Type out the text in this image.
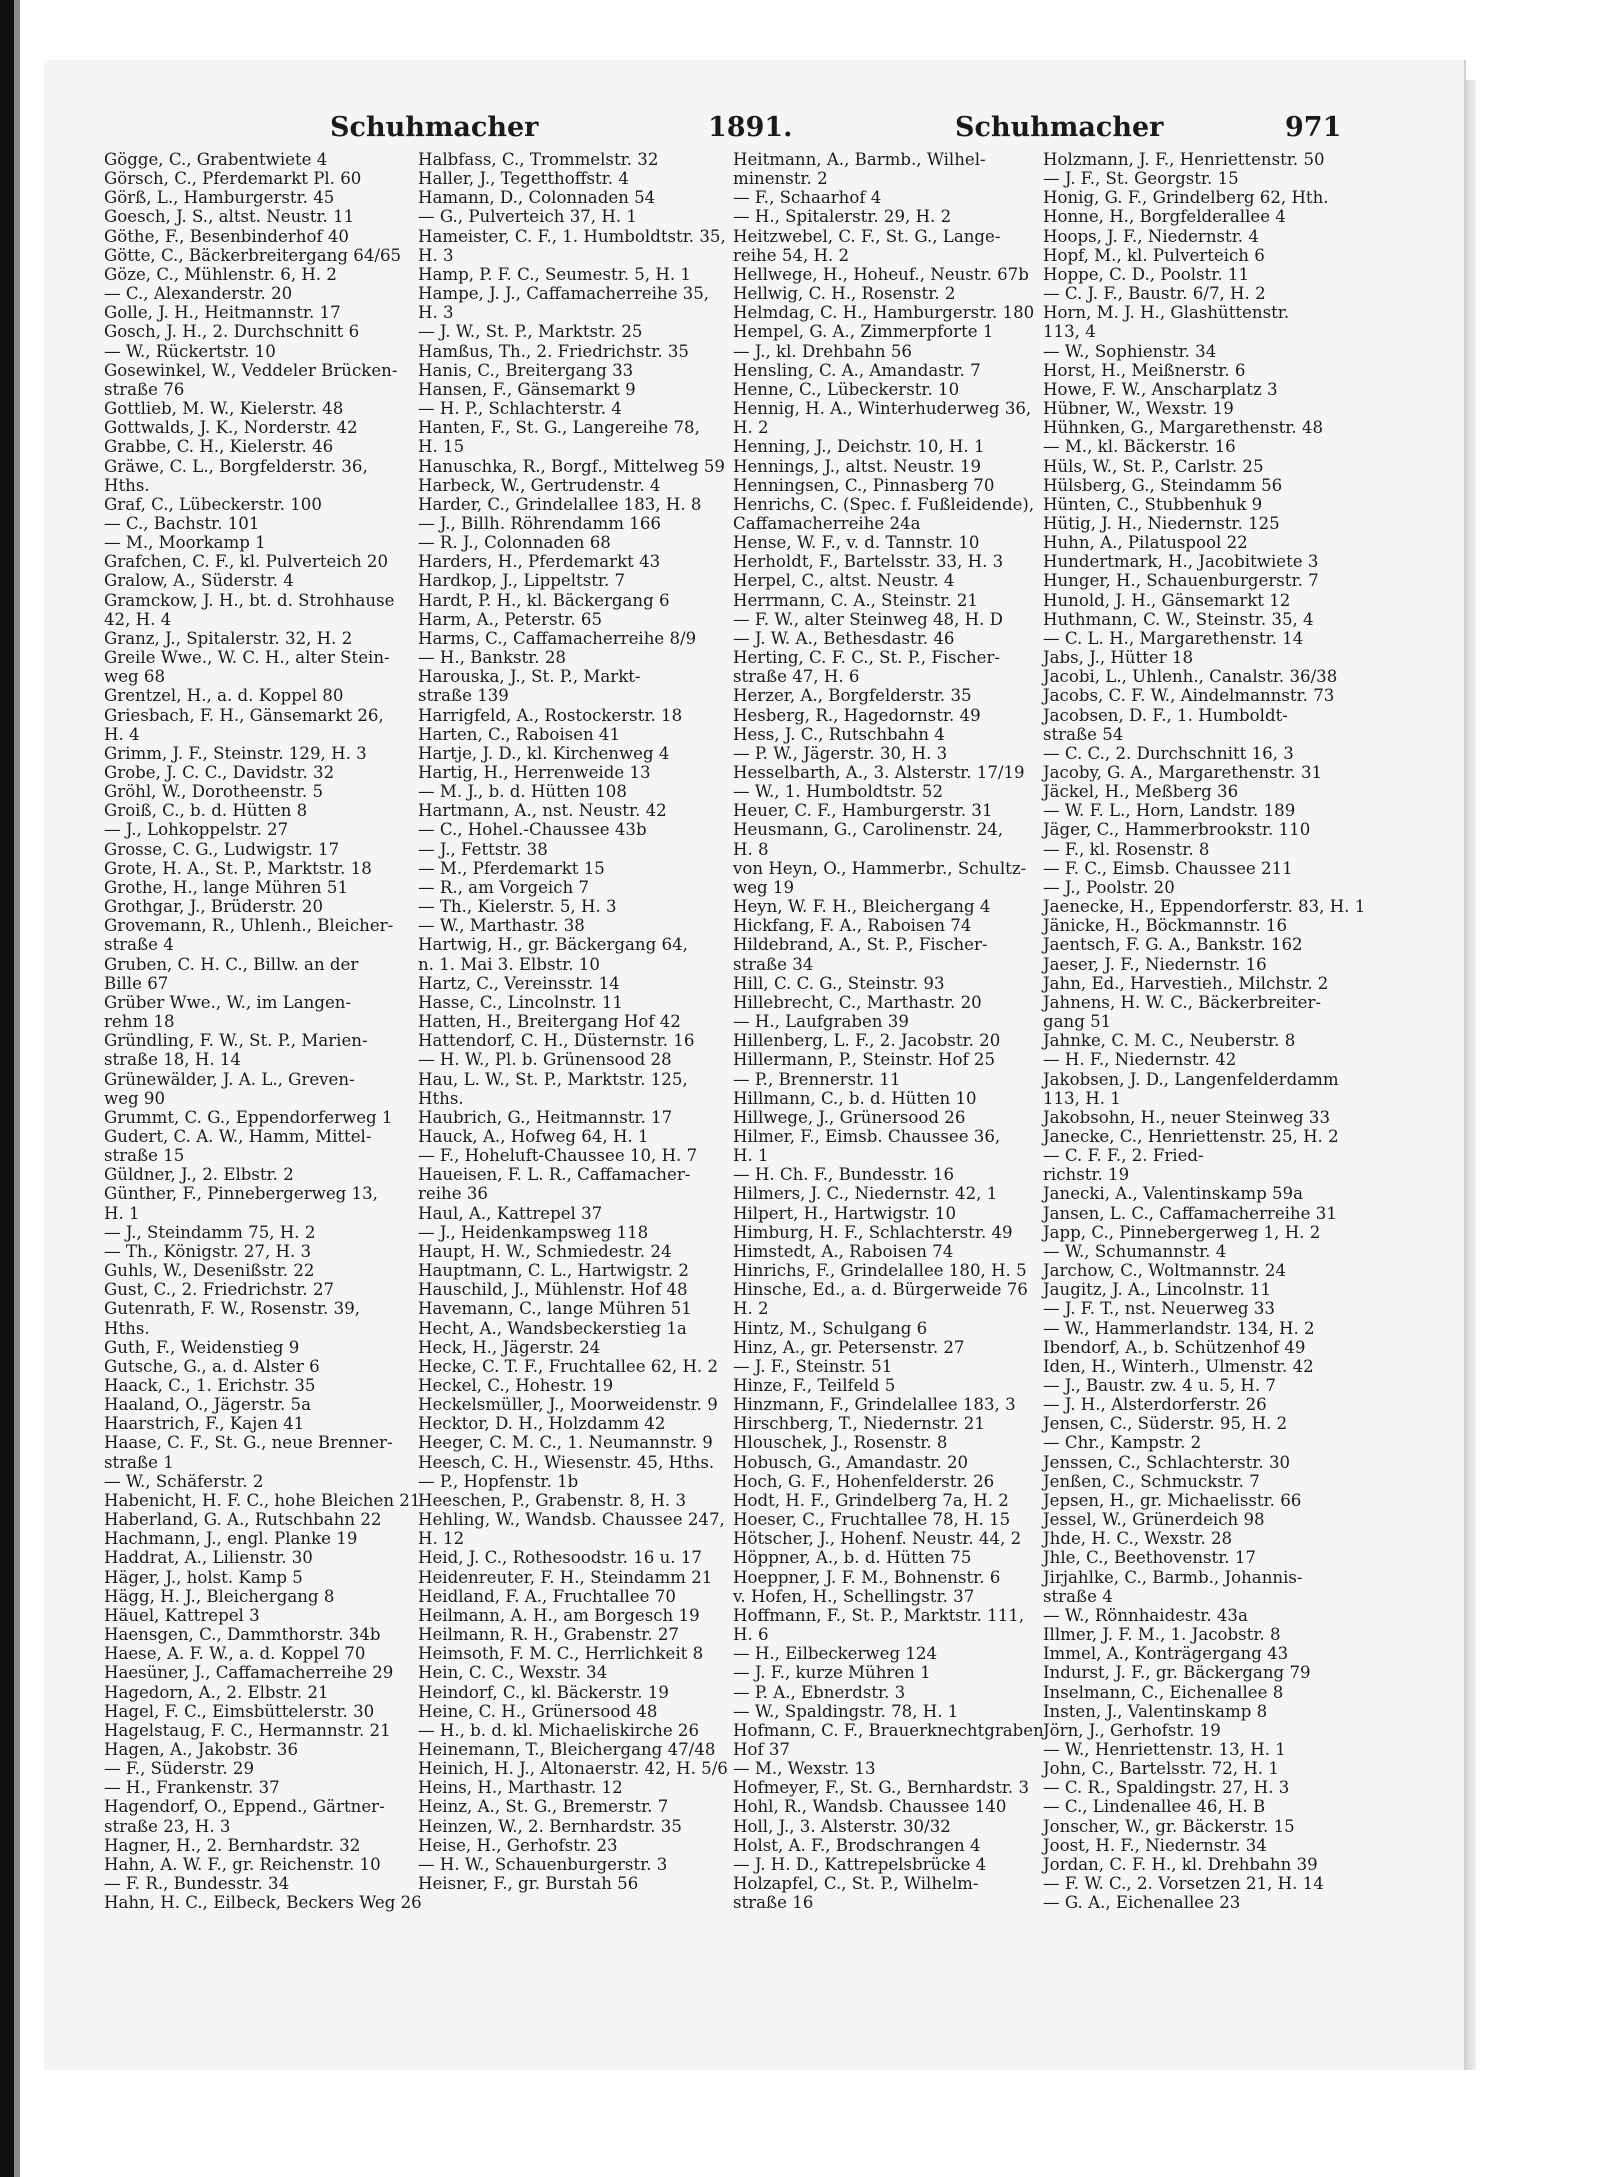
Schuhmacher	1891.	Schuhmacher	971
Gögge, C., Grabentwiete 4
Görsch, C., Pferdemarkt Pl. 60
Görß, L., Hamburgerstr. 45
Goesch, J. S., altst. Neustr. 11
Göthe, F., Besenbinderhof 40
Götte, C., Bäckerbreitergang 64/65
Göze, C., Mühlenstr. 6, H. 2
— C., Alexanderstr. 20
Golle, J. H., Heitmannstr. 17
Gosch, J. H., 2. Durchschnitt 6
— W., Rückertstr. 10
Gosewinkel, W., Veddeler Brücken-
straße 76
Gottlieb, M. W., Kielerstr. 48
Gottwalds, J. K., Norderstr. 42
Grabbe, C. H., Kielerstr. 46
Gräwe, C. L., Borgfelderstr. 36,
Hths.
Graf, C., Lübeckerstr. 100
— C., Bachstr. 101
— M., Moorkamp 1
Grafchen, C. F., kl. Pulverteich 20
Gralow, A., Süderstr. 4
Gramckow, J. H., bt. d. Strohhause
42, H. 4
Granz, J., Spitalerstr. 32, H. 2
Greile Wwe., W. C. H., alter Stein-
weg 68
Grentzel, H., a. d. Koppel 80
Griesbach, F. H., Gänsemarkt 26,
H. 4
Grimm, J. F., Steinstr. 129, H. 3
Grobe, J. C. C., Davidstr. 32
Gröhl, W., Dorotheenstr. 5
Groiß, C., b. d. Hütten 8
— J., Lohkoppelstr. 27
Grosse, C. G., Ludwigstr. 17
Grote, H. A., St. P., Marktstr. 18
Grothe, H., lange Mühren 51
Grothgar, J., Brüderstr. 20
Grovemann, R., Uhlenh., Bleicher-
straße 4
Gruben, C. H. C., Billw. an der
Bille 67
Grüber Wwe., W., im Langen-
rehm 18
Gründling, F. W., St. P., Marien-
straße 18, H. 14
Grünewälder, J. A. L., Greven-
weg 90
Grummt, C. G., Eppendorferweg 1
Gudert, C. A. W., Hamm, Mittel-
straße 15
Güldner, J., 2. Elbstr. 2
Günther, F., Pinnebergerweg 13,
H. 1
— J., Steindamm 75, H. 2
— Th., Königstr. 27, H. 3
Guhls, W., Desenißstr. 22
Gust, C., 2. Friedrichstr. 27
Gutenrath, F. W., Rosenstr. 39,
Hths.
Guth, F., Weidenstieg 9
Gutsche, G., a. d. Alster 6
Haack, C., 1. Erichstr. 35
Haaland, O., Jägerstr. 5a
Haarstrich, F., Kajen 41
Haase, C. F., St. G., neue Brenner-
straße 1
— W., Schäferstr. 2
Habenicht, H. F. C., hohe Bleichen 21
Haberland, G. A., Rutschbahn 22
Hachmann, J., engl. Planke 19
Haddrat, A., Lilienstr. 30
Häger, J., holst. Kamp 5
Hägg, H. J., Bleichergang 8
Häuel, Kattrepel 3
Haensgen, C., Dammthorstr. 34b
Haese, A. F. W., a. d. Koppel 70
Haesüner, J., Caffamacherreihe 29
Hagedorn, A., 2. Elbstr. 21
Hagel, F. C., Eimsbüttelerstr. 30
Hagelstaug, F. C., Hermannstr. 21
Hagen, A., Jakobstr. 36
— F., Süderstr. 29
— H., Frankenstr. 37
Hagendorf, O., Eppend., Gärtner-
straße 23, H. 3
Hagner, H., 2. Bernhardstr. 32
Hahn, A. W. F., gr. Reichenstr. 10
— F. R., Bundesstr. 34
Hahn, H. C., Eilbeck, Beckers Weg 26
Halbfass, C., Trommelstr. 32
Haller, J., Tegetthoffstr. 4
Hamann, D., Colonnaden 54
— G., Pulverteich 37, H. 1
Hameister, C. F., 1. Humboldtstr. 35,
H. 3
Hamp, P. F. C., Seumestr. 5, H. 1
Hampe, J. J., Caffamacherreihe 35,
H. 3
— J. W., St. P., Marktstr. 25
Hamßus, Th., 2. Friedrichstr. 35
Hanis, C., Breitergang 33
Hansen, F., Gänsemarkt 9
— H. P., Schlachterstr. 4
Hanten, F., St. G., Langereihe 78,
H. 15
Hanuschka, R., Borgf., Mittelweg 59
Harbeck, W., Gertrudenstr. 4
Harder, C., Grindelallee 183, H. 8
— J., Billh. Röhrendamm 166
— R. J., Colonnaden 68
Harders, H., Pferdemarkt 43
Hardkop, J., Lippeltstr. 7
Hardt, P. H., kl. Bäckergang 6
Harm, A., Peterstr. 65
Harms, C., Caffamacherreihe 8/9
— H., Bankstr. 28
Harouska, J., St. P., Markt-
straße 139
Harrigfeld, A., Rostockerstr. 18
Harten, C., Raboisen 41
Hartje, J. D., kl. Kirchenweg 4
Hartig, H., Herrenweide 13
— M. J., b. d. Hütten 108
Hartmann, A., nst. Neustr. 42
— C., Hohel.-Chaussee 43b
— J., Fettstr. 38
— M., Pferdemarkt 15
— R., am Vorgeich 7
— Th., Kielerstr. 5, H. 3
— W., Marthastr. 38
Hartwig, H., gr. Bäckergang 64,
n. 1. Mai 3. Elbstr. 10
Hartz, C., Vereinsstr. 14
Hasse, C., Lincolnstr. 11
Hatten, H., Breitergang Hof 42
Hattendorf, C. H., Düsternstr. 16
— H. W., Pl. b. Grünensood 28
Hau, L. W., St. P., Marktstr. 125,
Hths.
Haubrich, G., Heitmannstr. 17
Hauck, A., Hofweg 64, H. 1
— F., Hoheluft-Chaussee 10, H. 7
Haueisen, F. L. R., Caffamacher-
reihe 36
Haul, A., Kattrepel 37
— J., Heidenkampsweg 118
Haupt, H. W., Schmiedestr. 24
Hauptmann, C. L., Hartwigstr. 2
Hauschild, J., Mühlenstr. Hof 48
Havemann, C., lange Mühren 51
Hecht, A., Wandsbeckerstieg 1a
Heck, H., Jägerstr. 24
Hecke, C. T. F., Fruchtallee 62, H. 2
Heckel, C., Hohestr. 19
Heckelsmüller, J., Moorweidenstr. 9
Hecktor, D. H., Holzdamm 42
Heeger, C. M. C., 1. Neumannstr. 9
Heesch, C. H., Wiesenstr. 45, Hths.
— P., Hopfenstr. 1b
Heeschen, P., Grabenstr. 8, H. 3
Hehling, W., Wandsb. Chaussee 247,
H. 12
Heid, J. C., Rothesoodstr. 16 u. 17
Heidenreuter, F. H., Steindamm 21
Heidland, F. A., Fruchtallee 70
Heilmann, A. H., am Borgesch 19
Heilmann, R. H., Grabenstr. 27
Heimsoth, F. M. C., Herrlichkeit 8
Hein, C. C., Wexstr. 34
Heindorf, C., kl. Bäckerstr. 19
Heine, C. H., Grünersood 48
— H., b. d. kl. Michaeliskirche 26
Heinemann, T., Bleichergang 47/48
Heinich, H. J., Altonaerstr. 42, H. 5/6
Heins, H., Marthastr. 12
Heinz, A., St. G., Bremerstr. 7
Heinzen, W., 2. Bernhardstr. 35
Heise, H., Gerhofstr. 23
— H. W., Schauenburgerstr. 3
Heisner, F., gr. Burstah 56
Heitmann, A., Barmb., Wilhel-
minenstr. 2
— F., Schaarhof 4
— H., Spitalerstr. 29, H. 2
Heitzwebel, C. F., St. G., Lange-
reihe 54, H. 2
Hellwege, H., Hoheuf., Neustr. 67b
Hellwig, C. H., Rosenstr. 2
Helmdag, C. H., Hamburgerstr. 180
Hempel, G. A., Zimmerpforte 1
— J., kl. Drehbahn 56
Hensling, C. A., Amandastr. 7
Henne, C., Lübeckerstr. 10
Hennig, H. A., Winterhuderweg 36,
H. 2
Henning, J., Deichstr. 10, H. 1
Hennings, J., altst. Neustr. 19
Henningsen, C., Pinnasberg 70
Henrichs, C. (Spec. f. Fußleidende),
Caffamacherreihe 24a
Hense, W. F., v. d. Tannstr. 10
Herholdt, F., Bartelsstr. 33, H. 3
Herpel, C., altst. Neustr. 4
Herrmann, C. A., Steinstr. 21
— F. W., alter Steinweg 48, H. D
— J. W. A., Bethesdastr. 46
Herting, C. F. C., St. P., Fischer-
straße 47, H. 6
Herzer, A., Borgfelderstr. 35
Hesberg, R., Hagedornstr. 49
Hess, J. C., Rutschbahn 4
— P. W., Jägerstr. 30, H. 3
Hesselbarth, A., 3. Alsterstr. 17/19
— W., 1. Humboldtstr. 52
Heuer, C. F., Hamburgerstr. 31
Heusmann, G., Carolinenstr. 24,
H. 8
von Heyn, O., Hammerbr., Schultz-
weg 19
Heyn, W. F. H., Bleichergang 4
Hickfang, F. A., Raboisen 74
Hildebrand, A., St. P., Fischer-
straße 34
Hill, C. C. G., Steinstr. 93
Hillebrecht, C., Marthastr. 20
— H., Laufgraben 39
Hillenberg, L. F., 2. Jacobstr. 20
Hillermann, P., Steinstr. Hof 25
— P., Brennerstr. 11
Hillmann, C., b. d. Hütten 10
Hillwege, J., Grünersood 26
Hilmer, F., Eimsb. Chaussee 36,
H. 1
— H. Ch. F., Bundesstr. 16
Hilmers, J. C., Niedernstr. 42, 1
Hilpert, H., Hartwigstr. 10
Himburg, H. F., Schlachterstr. 49
Himstedt, A., Raboisen 74
Hinrichs, F., Grindelallee 180, H. 5
Hinsche, Ed., a. d. Bürgerweide 76
H. 2
Hintz, M., Schulgang 6
Hinz, A., gr. Petersenstr. 27
— J. F., Steinstr. 51
Hinze, F., Teilfeld 5
Hinzmann, F., Grindelallee 183, 3
Hirschberg, T., Niedernstr. 21
Hlouschek, J., Rosenstr. 8
Hobusch, G., Amandastr. 20
Hoch, G. F., Hohenfelderstr. 26
Hodt, H. F., Grindelberg 7a, H. 2
Hoeser, C., Fruchtallee 78, H. 15
Hötscher, J., Hohenf. Neustr. 44, 2
Höppner, A., b. d. Hütten 75
Hoeppner, J. F. M., Bohnenstr. 6
v. Hofen, H., Schellingstr. 37
Hoffmann, F., St. P., Marktstr. 111,
H. 6
— H., Eilbeckerweg 124
— J. F., kurze Mühren 1
— P. A., Ebnerdstr. 3
— W., Spaldingstr. 78, H. 1
Hofmann, C. F., Brauerknechtgraben
Hof 37
— M., Wexstr. 13
Hofmeyer, F., St. G., Bernhardstr. 3
Hohl, R., Wandsb. Chaussee 140
Holl, J., 3. Alsterstr. 30/32
Holst, A. F., Brodschrangen 4
— J. H. D., Kattrepelsbrücke 4
Holzapfel, C., St. P., Wilhelm-
straße 16
Holzmann, J. F., Henriettenstr. 50
— J. F., St. Georgstr. 15
Honig, G. F., Grindelberg 62, Hth.
Honne, H., Borgfelderallee 4
Hoops, J. F., Niedernstr. 4
Hopf, M., kl. Pulverteich 6
Hoppe, C. D., Poolstr. 11
— C. J. F., Baustr. 6/7, H. 2
Horn, M. J. H., Glashüttenstr.
113, 4
— W., Sophienstr. 34
Horst, H., Meißnerstr. 6
Howe, F. W., Anscharplatz 3
Hübner, W., Wexstr. 19
Hühnken, G., Margarethenstr. 48
— M., kl. Bäckerstr. 16
Hüls, W., St. P., Carlstr. 25
Hülsberg, G., Steindamm 56
Hünten, C., Stubbenhuk 9
Hütig, J. H., Niedernstr. 125
Huhn, A., Pilatuspool 22
Hundertmark, H., Jacobitwiete 3
Hunger, H., Schauenburgerstr. 7
Hunold, J. H., Gänsemarkt 12
Huthmann, C. W., Steinstr. 35, 4
— C. L. H., Margarethenstr. 14
Jabs, J., Hütter 18
Jacobi, L., Uhlenh., Canalstr. 36/38
Jacobs, C. F. W., Aindelmannstr. 73
Jacobsen, D. F., 1. Humboldt-
straße 54
— C. C., 2. Durchschnitt 16, 3
Jacoby, G. A., Margarethenstr. 31
Jäckel, H., Meßberg 36
— W. F. L., Horn, Landstr. 189
Jäger, C., Hammerbrookstr. 110
— F., kl. Rosenstr. 8
— F. C., Eimsb. Chaussee 211
— J., Poolstr. 20
Jaenecke, H., Eppendorferstr. 83, H. 1
Jänicke, H., Böckmannstr. 16
Jaentsch, F. G. A., Bankstr. 162
Jaeser, J. F., Niedernstr. 16
Jahn, Ed., Harvestieh., Milchstr. 2
Jahnens, H. W. C., Bäckerbreiter-
gang 51
Jahnke, C. M. C., Neuberstr. 8
— H. F., Niedernstr. 42
Jakobsen, J. D., Langenfelderdamm
113, H. 1
Jakobsohn, H., neuer Steinweg 33
Janecke, C., Henriettenstr. 25, H. 2
— C. F. F., 2. Fried-
richstr. 19
Janecki, A., Valentinskamp 59a
Jansen, L. C., Caffamacherreihe 31
Japp, C., Pinnebergerweg 1, H. 2
— W., Schumannstr. 4
Jarchow, C., Woltmannstr. 24
Jaugitz, J. A., Lincolnstr. 11
— J. F. T., nst. Neuerweg 33
— W., Hammerlandstr. 134, H. 2
Ibendorf, A., b. Schützenhof 49
Iden, H., Winterh., Ulmenstr. 42
— J., Baustr. zw. 4 u. 5, H. 7
— J. H., Alsterdorferstr. 26
Jensen, C., Süderstr. 95, H. 2
— Chr., Kampstr. 2
Jenssen, C., Schlachterstr. 30
Jenßen, C., Schmuckstr. 7
Jepsen, H., gr. Michaelisstr. 66
Jessel, W., Grünerdeich 98
Jhde, H. C., Wexstr. 28
Jhle, C., Beethovenstr. 17
Jirjahlke, C., Barmb., Johannis-
straße 4
— W., Rönnhaidestr. 43a
Illmer, J. F. M., 1. Jacobstr. 8
Immel, A., Konträgergang 43
Indurst, J. F., gr. Bäckergang 79
Inselmann, C., Eichenallee 8
Insten, J., Valentinskamp 8
Jörn, J., Gerhofstr. 19
— W., Henriettenstr. 13, H. 1
John, C., Bartelsstr. 72, H. 1
— C. R., Spaldingstr. 27, H. 3
— C., Lindenallee 46, H. B
Jonscher, W., gr. Bäckerstr. 15
Joost, H. F., Niedernstr. 34
Jordan, C. F. H., kl. Drehbahn 39
— F. W. C., 2. Vorsetzen 21, H. 14
— G. A., Eichenallee 23
